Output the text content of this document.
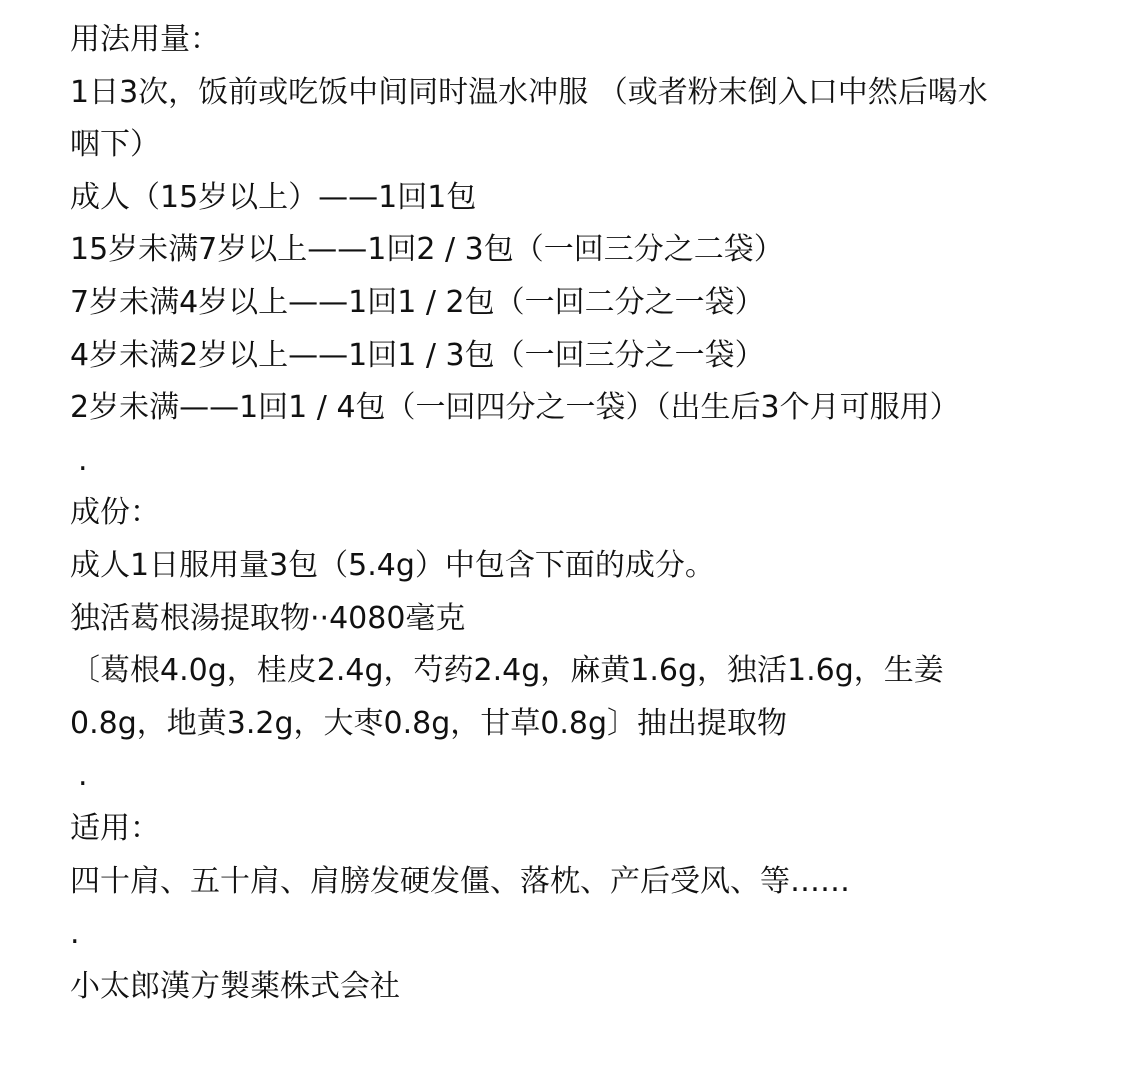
用法用量：
1日3次，饭前或吃饭中间同时温水冲服 （或者粉末倒入口中然后喝水
咽下）
成人（15岁以上）——1回1包
15岁未满7岁以上——1回2 / 3包（一回三分之二袋）
7岁未满4岁以上——1回1 / 2包（一回二分之一袋）
4岁未满2岁以上——1回1 / 3包（一回三分之一袋）
2岁未满——1回1 / 4包（一回四分之一袋）（出生后3个月可服用）
.
成份：
成人1日服用量3包（5.4g）中包含下面的成分。
独活葛根湯提取物··4080毫克
〔葛根4.0g，桂皮2.4g，芍药2.4g，麻黄1.6g，独活1.6g，生姜
0.8g，地黄3.2g，大枣0.8g，甘草0.8g〕抽出提取物
.
适用：
四十肩、五十肩、肩膀发硬发僵、落枕、产后受风、等……
.
小太郎漢方製薬株式会社
